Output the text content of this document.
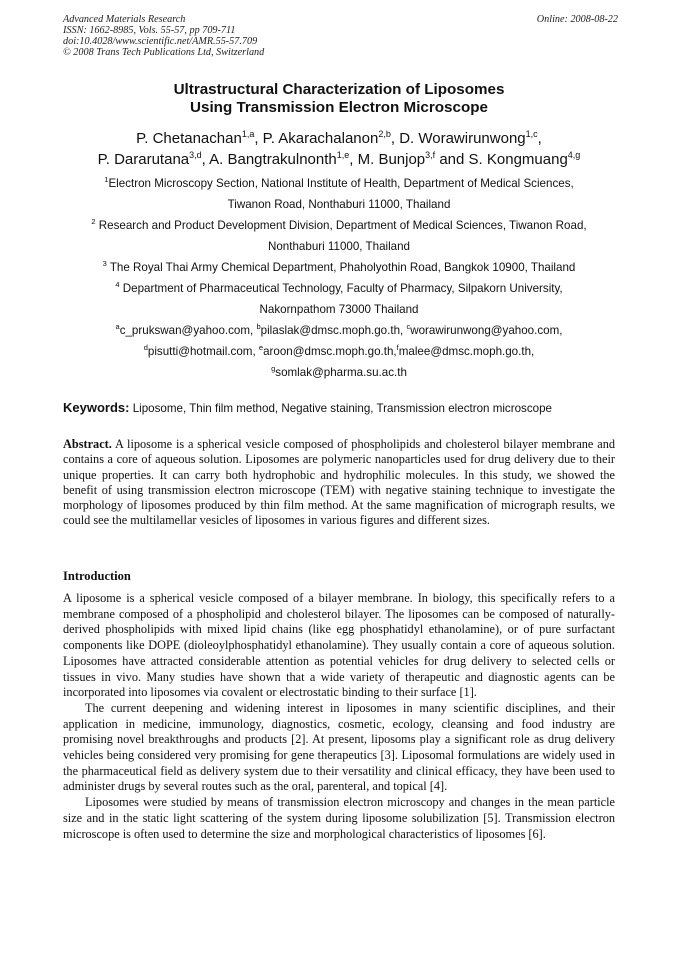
Advanced Materials Research
ISSN: 1662-8985, Vols. 55-57, pp 709-711
doi:10.4028/www.scientific.net/AMR.55-57.709
© 2008 Trans Tech Publications Ltd, Switzerland
Online: 2008-08-22
Ultrastructural Characterization of Liposomes
Using Transmission Electron Microscope
P. Chetanachan$^{1,a}$, P. Akarachalanon$^{2,b}$, D. Worawirunwong$^{1,c}$,
P. Dararutana$^{3,d}$, A. Bangtrakulnonth$^{1,e}$, M. Bunjop$^{3,f}$ and S. Kongmuang$^{4,g}$
$^1$Electron Microscopy Section, National Institute of Health, Department of Medical Sciences,
Tiwanon Road, Nonthaburi 11000, Thailand
$^2$ Research and Product Development Division, Department of Medical Sciences, Tiwanon Road,
Nonthaburi 11000, Thailand
$^3$ The Royal Thai Army Chemical Department, Phaholyothin Road, Bangkok 10900, Thailand
$^4$ Department of Pharmaceutical Technology, Faculty of Pharmacy, Silpakorn University,
Nakornpathom 73000 Thailand
$^a$c_prukswan@yahoo.com, $^b$pilaslak@dmsc.moph.go.th, $^c$worawirunwong@yahoo.com,
$^d$pisutti@hotmail.com, $^e$aroon@dmsc.moph.go.th,$^f$malee@dmsc.moph.go.th,
$^g$somlak@pharma.su.ac.th
Keywords: Liposome, Thin film method, Negative staining, Transmission electron microscope
Abstract. A liposome is a spherical vesicle composed of phospholipids and cholesterol bilayer membrane and contains a core of aqueous solution. Liposomes are polymeric nanoparticles used for drug delivery due to their unique properties. It can carry both hydrophobic and hydrophilic molecules. In this study, we showed the benefit of using transmission electron microscope (TEM) with negative staining technique to investigate the morphology of liposomes produced by thin film method. At the same magnification of micrograph results, we could see the multilamellar vesicles of liposomes in various figures and different sizes.
Introduction

A liposome is a spherical vesicle composed of a bilayer membrane. In biology, this specifically refers to a membrane composed of a phospholipid and cholesterol bilayer. The liposomes can be composed of naturally-derived phospholipids with mixed lipid chains (like egg phosphatidyl ethanolamine), or of pure surfactant components like DOPE (dioleoylphosphatidyl ethanolamine). They usually contain a core of aqueous solution. Liposomes have attracted considerable attention as potential vehicles for drug delivery to selected cells or tissues in vivo. Many studies have shown that a wide variety of therapeutic and diagnostic agents can be incorporated into liposomes via covalent or electrostatic binding to their surface [1].

The current deepening and widening interest in liposomes in many scientific disciplines, and their application in medicine, immunology, diagnostics, cosmetic, ecology, cleansing and food industry are promising novel breakthroughs and products [2]. At present, liposoms play a significant role as drug delivery vehicles being considered very promising for gene therapeutics [3]. Liposomal formulations are widely used in the pharmaceutical field as delivery system due to their versatility and clinical efficacy, they have been used to administer drugs by several routes such as the oral, parenteral, and topical [4].

Liposomes were studied by means of transmission electron microscopy and changes in the mean particle size and in the static light scattering of the system during liposome solubilization [5]. Transmission electron microscope is often used to determine the size and morphological characteristics of liposomes [6].
